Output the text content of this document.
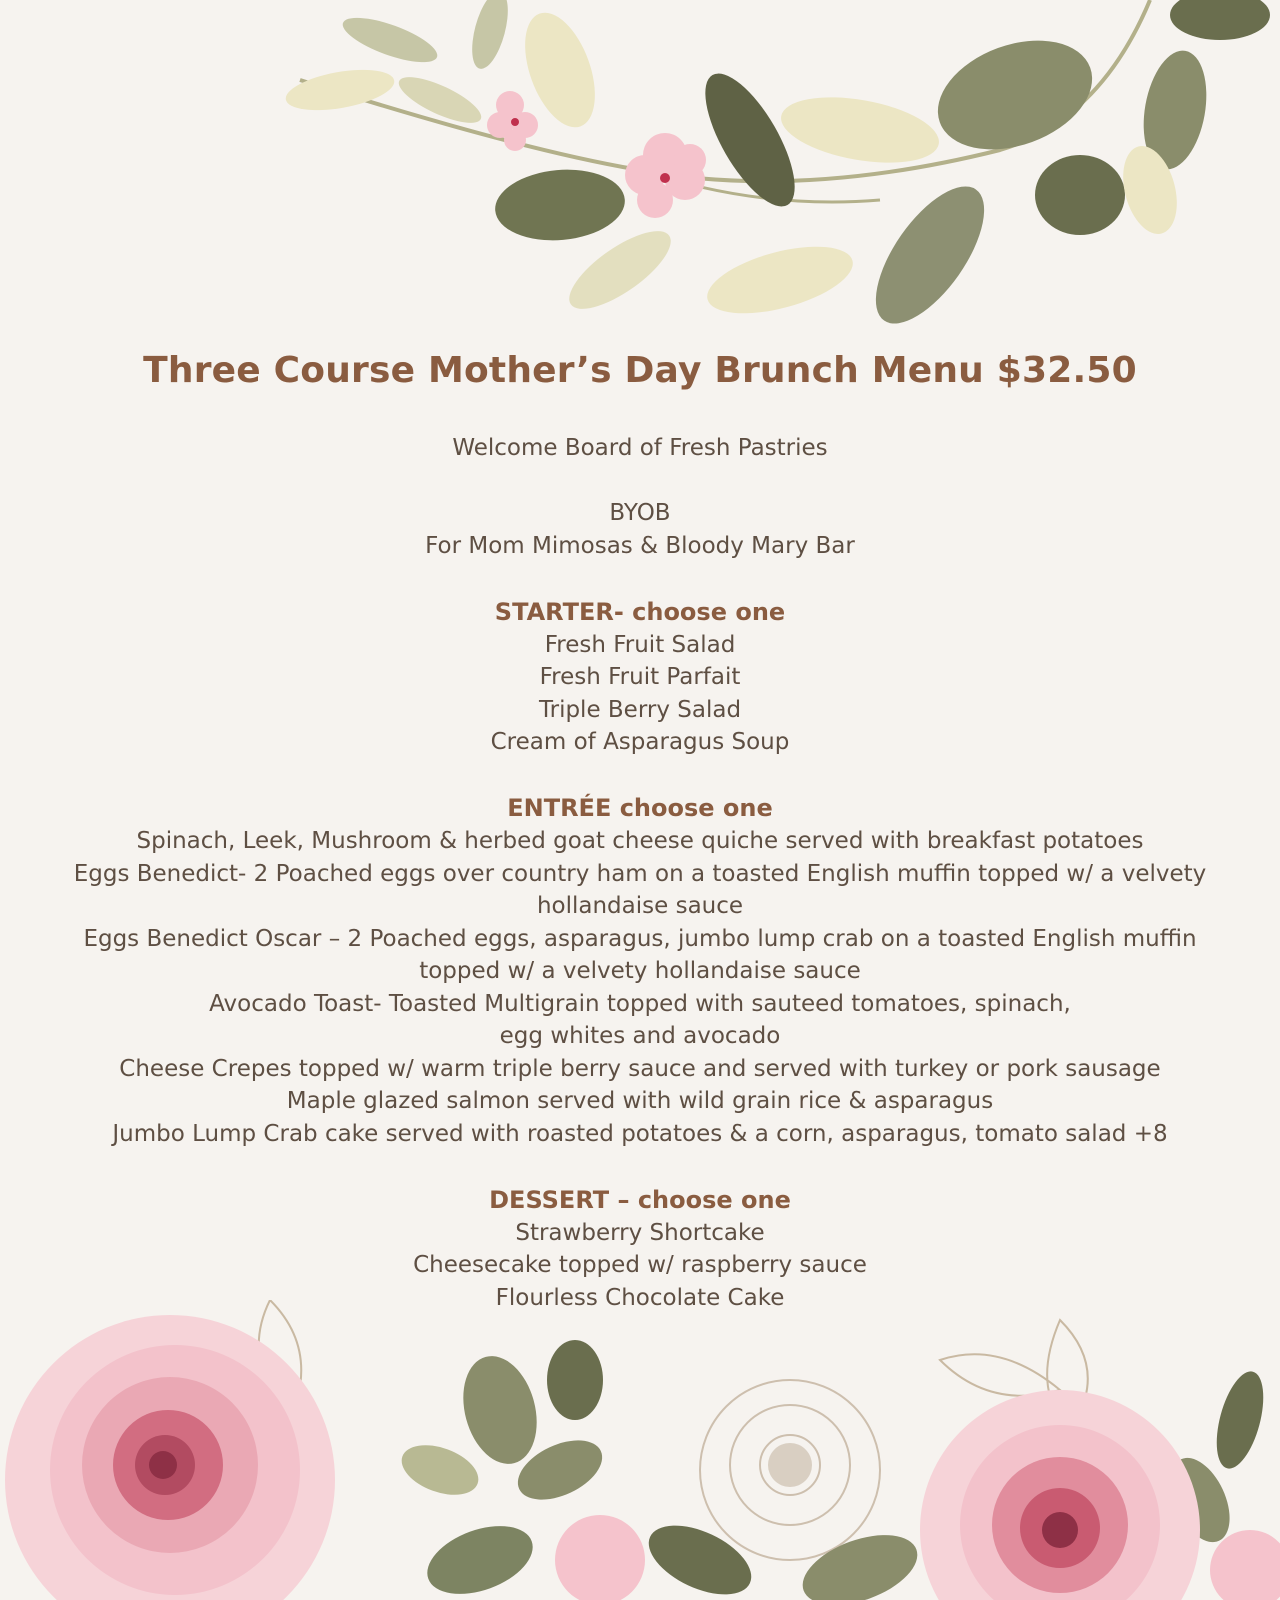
Three Course Mother’s Day Brunch Menu $32.50
Welcome Board of Fresh Pastries
BYOB
For Mom Mimosas & Bloody Mary Bar
STARTER- choose one
Fresh Fruit Salad
Fresh Fruit Parfait
Triple Berry Salad
Cream of Asparagus Soup
ENTRÉE choose one
Spinach, Leek, Mushroom & herbed goat cheese quiche served with breakfast potatoes
Eggs Benedict- 2 Poached eggs over country ham on a toasted English muffin topped w/ a velvety
hollandaise sauce
Eggs Benedict Oscar – 2 Poached eggs, asparagus, jumbo lump crab on a toasted English muffin
topped w/ a velvety hollandaise sauce
Avocado Toast- Toasted Multigrain topped with sauteed tomatoes, spinach,
egg whites and avocado
Cheese Crepes topped w/ warm triple berry sauce and served with turkey or pork sausage
Maple glazed salmon served with wild grain rice & asparagus
Jumbo Lump Crab cake served with roasted potatoes & a corn, asparagus, tomato salad +8
DESSERT – choose one
Strawberry Shortcake
Cheesecake topped w/ raspberry sauce
Flourless Chocolate Cake
